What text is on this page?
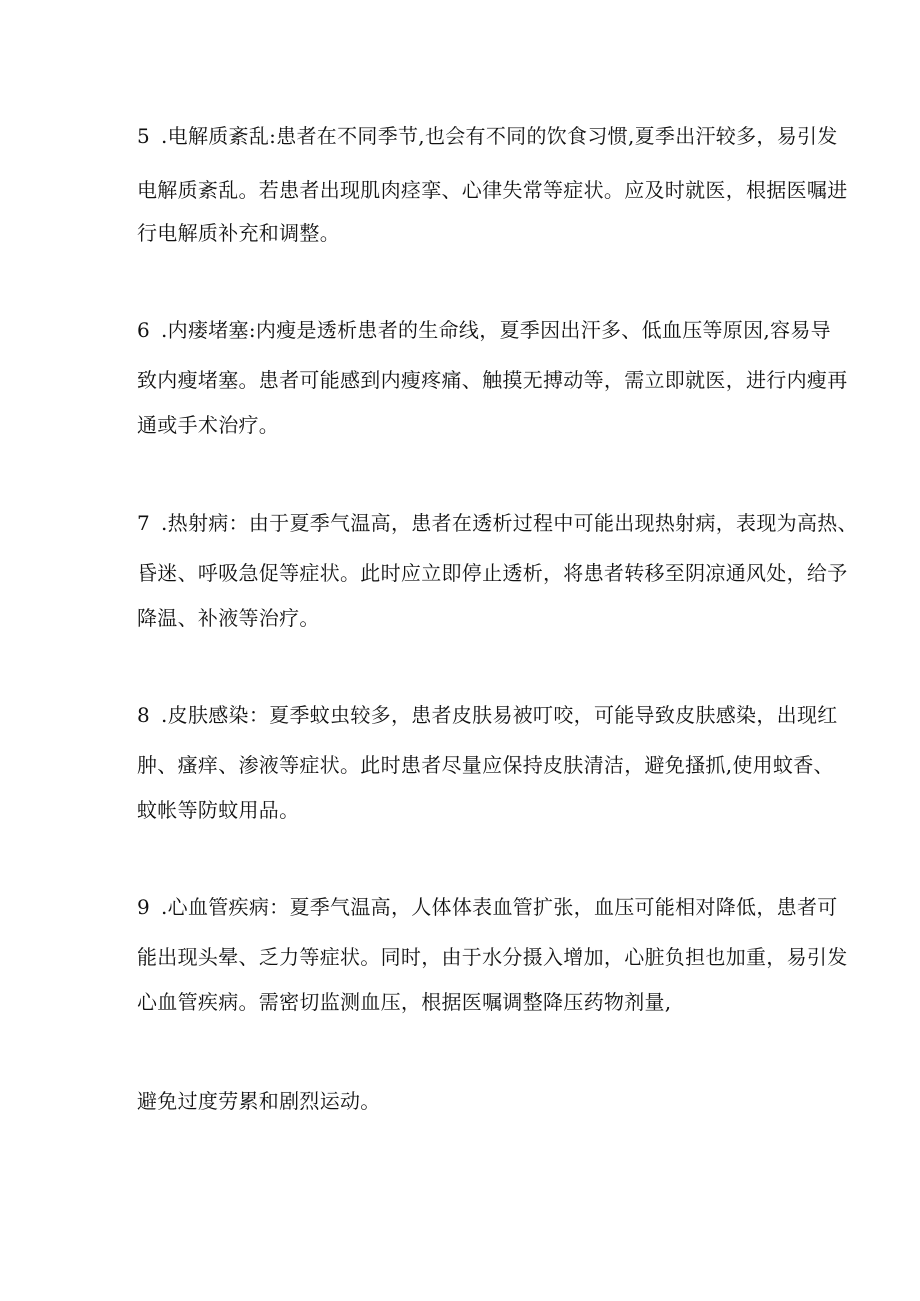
5 .电解质紊乱:患者在不同季节,也会有不同的饮食习惯,夏季出汗较多，易引发
电解质紊乱。若患者出现肌肉痉挛、心律失常等症状。应及时就医，根据医嘱进
行电解质补充和调整。
6 .内瘘堵塞:内瘦是透析患者的生命线，夏季因出汗多、低血压等原因,容易导
致内瘦堵塞。患者可能感到内瘦疼痛、触摸无搏动等，需立即就医，进行内瘦再
通或手术治疗。
7 .热射病：由于夏季气温高，患者在透析过程中可能出现热射病，表现为高热、
昏迷、呼吸急促等症状。此时应立即停止透析，将患者转移至阴凉通风处，给予
降温、补液等治疗。
8 .皮肤感染：夏季蚊虫较多，患者皮肤易被叮咬，可能导致皮肤感染，出现红
肿、瘙痒、渗液等症状。此时患者尽量应保持皮肤清洁，避免搔抓,使用蚊香、
蚊帐等防蚊用品。
9 .心血管疾病：夏季气温高，人体体表血管扩张，血压可能相对降低，患者可
能出现头晕、乏力等症状。同时，由于水分摄入增加，心脏负担也加重，易引发
心血管疾病。需密切监测血压，根据医嘱调整降压药物剂量,
避免过度劳累和剧烈运动。
